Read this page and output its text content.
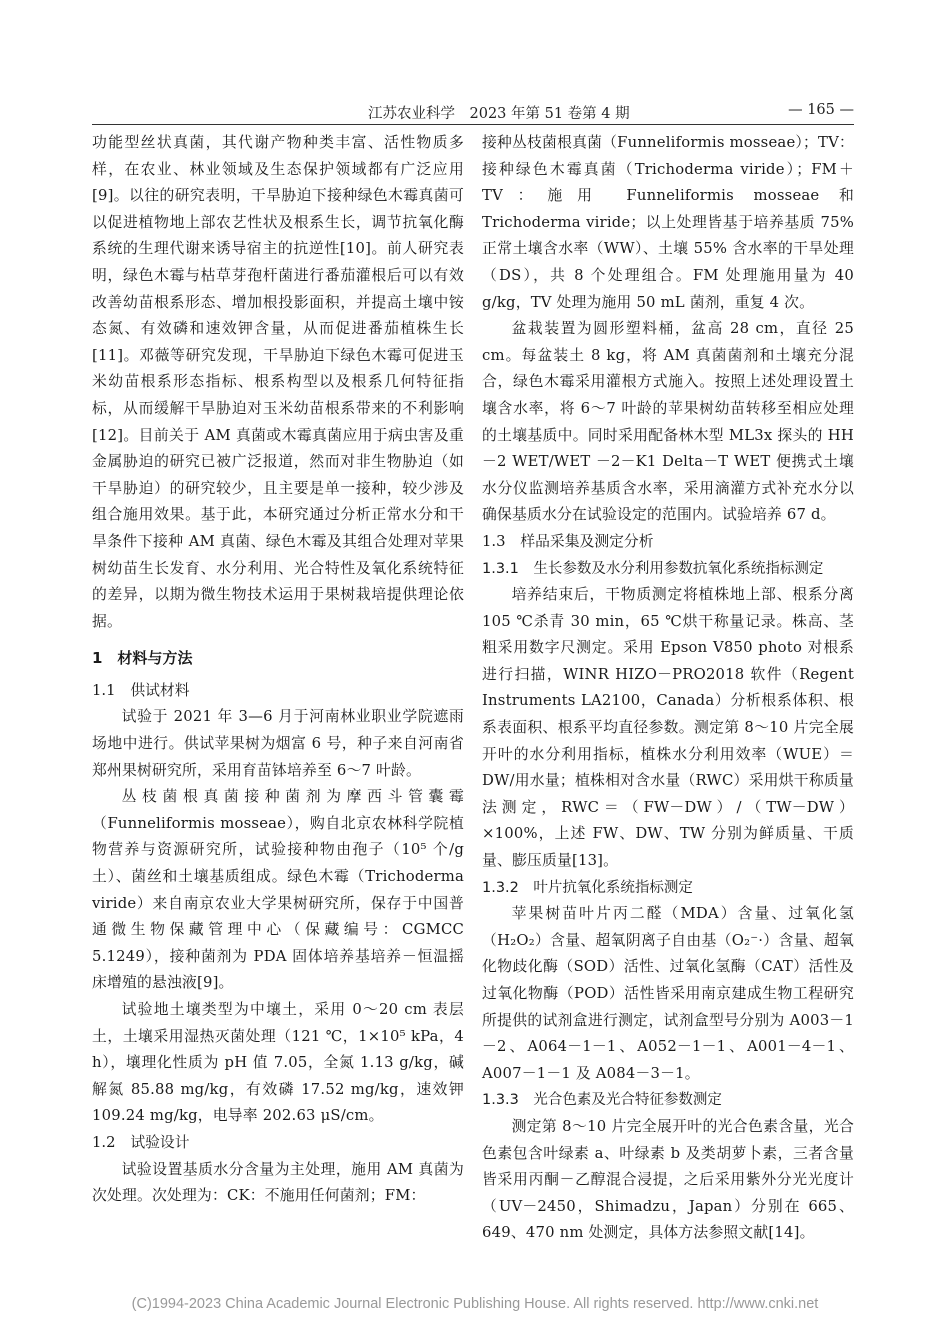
江苏农业科学　2023 年第 51 卷第 4 期	— 165 —

功能型丝状真菌，其代谢产物种类丰富、活性物质多样，在农业、林业领域及生态保护领域都有广泛应用[9]。以往的研究表明，干旱胁迫下接种绿色木霉真菌可以促进植物地上部农艺性状及根系生长，调节抗氧化酶系统的生理代谢来诱导宿主的抗逆性[10]。前人研究表明，绿色木霉与枯草芽孢杆菌进行番茄灌根后可以有效改善幼苗根系形态、增加根投影面积，并提高土壤中铵态氮、有效磷和速效钾含量，从而促进番茄植株生长[11]。邓薇等研究发现，干旱胁迫下绿色木霉可促进玉米幼苗根系形态指标、根系构型以及根系几何特征指标，从而缓解干旱胁迫对玉米幼苗根系带来的不利影响[12]。目前关于 AM 真菌或木霉真菌应用于病虫害及重金属胁迫的研究已被广泛报道，然而对非生物胁迫（如干旱胁迫）的研究较少，且主要是单一接种，较少涉及组合施用效果。基于此，本研究通过分析正常水分和干旱条件下接种 AM 真菌、绿色木霉及其组合处理对苹果树幼苗生长发育、水分利用、光合特性及氧化系统特征的差异，以期为微生物技术运用于果树栽培提供理论依据。

1　材料与方法
1.1　供试材料

试验于 2021 年 3—6 月于河南林业职业学院遮雨场地中进行。供试苹果树为烟富 6 号，种子来自河南省郑州果树研究所，采用育苗钵培养至 6～7 叶龄。

丛枝菌根真菌接种菌剂为摩西斗管囊霉（Funneliformis mosseae），购自北京农林科学院植物营养与资源研究所，试验接种物由孢子（10⁵ 个/g 土）、菌丝和土壤基质组成。绿色木霉（Trichoderma viride）来自南京农业大学果树研究所，保存于中国普通微生物保藏管理中心（保藏编号：CGMCC 5.1249），接种菌剂为 PDA 固体培养基培养－恒温摇床增殖的悬浊液[9]。

试验地土壤类型为中壤土，采用 0～20 cm 表层土，土壤采用湿热灭菌处理（121 ℃，1×10⁵ kPa，4 h），壤理化性质为 pH 值 7.05，全氮 1.13 g/kg，碱解氮 85.88 mg/kg，有效磷 17.52 mg/kg，速效钾 109.24 mg/kg，电导率 202.63 μS/cm。

1.2　试验设计

试验设置基质水分含量为主处理，施用 AM 真菌为次处理。次处理为：CK：不施用任何菌剂；FM：

接种丛枝菌根真菌（Funneliformis mosseae）；TV：接种绿色木霉真菌（Trichoderma viride）；FM＋TV：施用 Funneliformis mosseae 和 Trichoderma viride；以上处理皆基于培养基质 75% 正常土壤含水率（WW）、土壤 55% 含水率的干旱处理（DS），共 8 个处理组合。FM 处理施用量为 40 g/kg，TV 处理为施用 50 mL 菌剂，重复 4 次。

盆栽装置为圆形塑料桶，盆高 28 cm，直径 25 cm。每盆装土 8 kg，将 AM 真菌菌剂和土壤充分混合，绿色木霉采用灌根方式施入。按照上述处理设置土壤含水率，将 6～7 叶龄的苹果树幼苗转移至相应处理的土壤基质中。同时采用配备林木型 ML3x 探头的 HH－2 WET/WET －2－K1 Delta－T WET 便携式土壤水分仪监测培养基质含水率，采用滴灌方式补充水分以确保基质水分在试验设定的范围内。试验培养 67 d。

1.3　样品采集及测定分析
1.3.1　生长参数及水分利用参数抗氧化系统指标测定

培养结束后，干物质测定将植株地上部、根系分离 105 ℃杀青 30 min，65 ℃烘干称量记录。株高、茎粗采用数字尺测定。采用 Epson V850 photo 对根系进行扫描，WINR HIZO－PRO2018 软件（Regent Instruments LA2100，Canada）分析根系体积、根系表面积、根系平均直径参数。测定第 8～10 片完全展开叶的水分利用指标，植株水分利用效率（WUE）＝DW/用水量；植株相对含水量（RWC）采用烘干称质量法测定，RWC＝（FW－DW）/（TW－DW）×100%，上述 FW、DW、TW 分别为鲜质量、干质量、膨压质量[13]。

1.3.2　叶片抗氧化系统指标测定

苹果树苗叶片丙二醛（MDA）含量、过氧化氢（H₂O₂）含量、超氧阴离子自由基（O₂⁻·）含量、超氧化物歧化酶（SOD）活性、过氧化氢酶（CAT）活性及过氧化物酶（POD）活性皆采用南京建成生物工程研究所提供的试剂盒进行测定，试剂盒型号分别为 A003－1－2、A064－1－1、A052－1－1、A001－4－1、A007－1－1 及 A084－3－1。

1.3.3　光合色素及光合特征参数测定

测定第 8～10 片完全展开叶的光合色素含量，光合色素包含叶绿素 a、叶绿素 b 及类胡萝卜素，三者含量皆采用丙酮－乙醇混合浸提，之后采用紫外分光光度计（UV－2450，Shimadzu，Japan）分别在 665、649、470 nm 处测定，具体方法参照文献[14]。

(C)1994-2023 China Academic Journal Electronic Publishing House. All rights reserved. http://www.cnki.net
